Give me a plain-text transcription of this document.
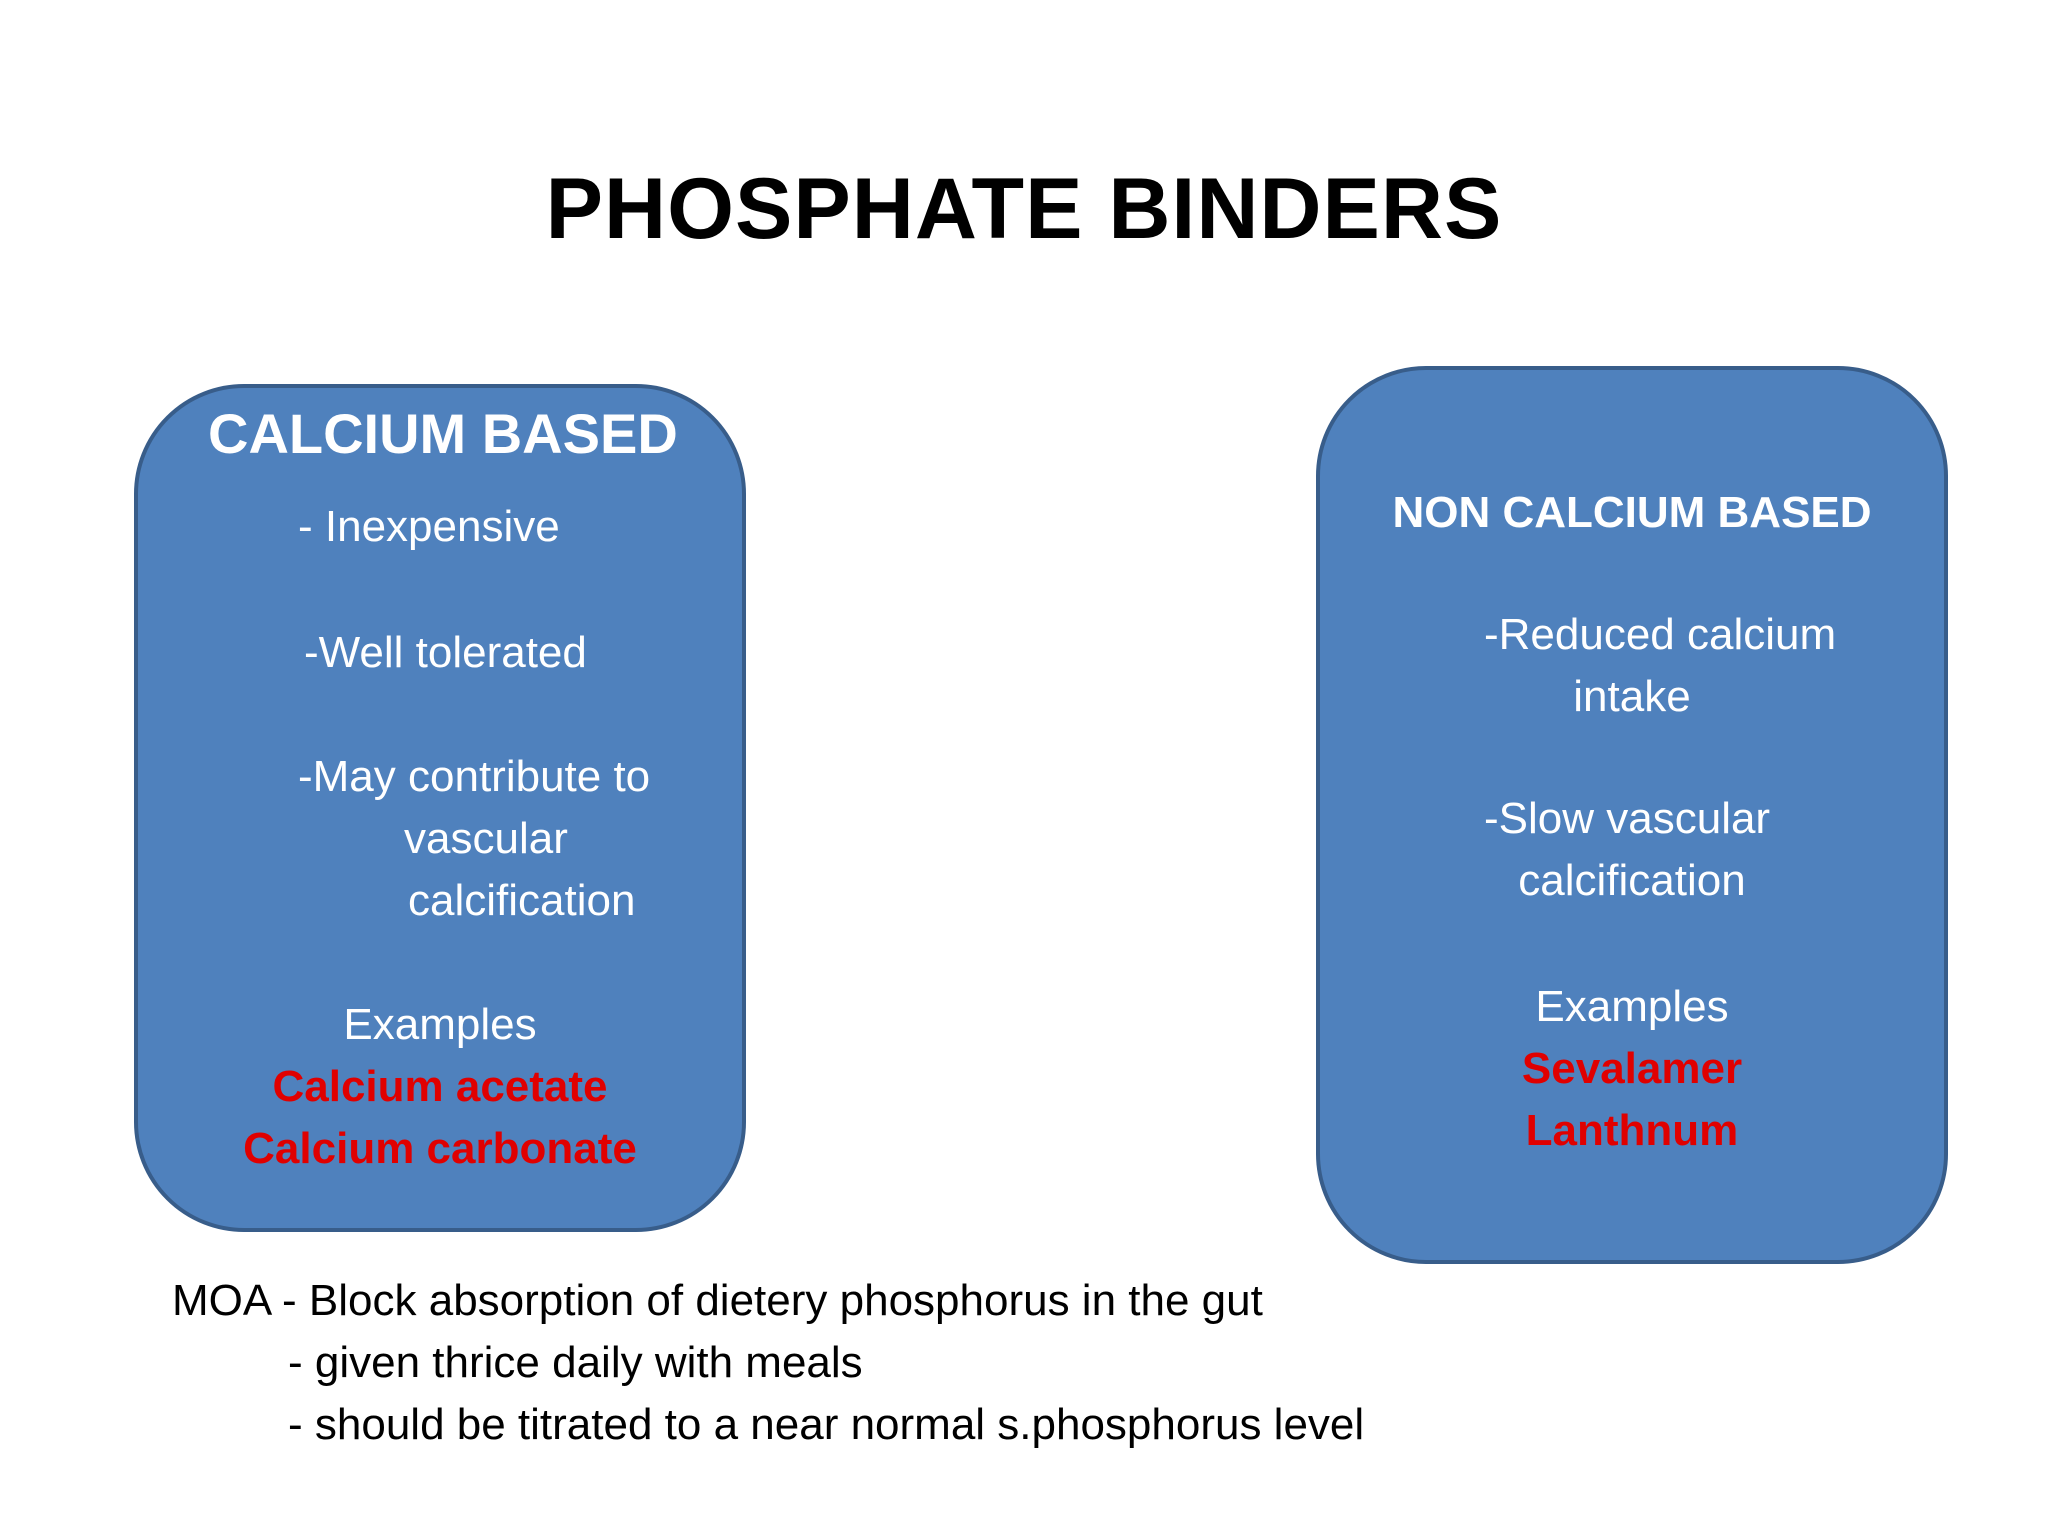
PHOSPHATE BINDERS
CALCIUM BASED
- Inexpensive
-Well tolerated
-May contribute to
vascular
calcification
Examples
Calcium acetate
Calcium carbonate
NON CALCIUM BASED
-Reduced calcium
intake
-Slow vascular
calcification
Examples
Sevalamer
Lanthnum
MOA - Block absorption of dietery phosphorus in the gut
- given thrice daily with meals
- should be titrated to a near normal s.phosphorus level
